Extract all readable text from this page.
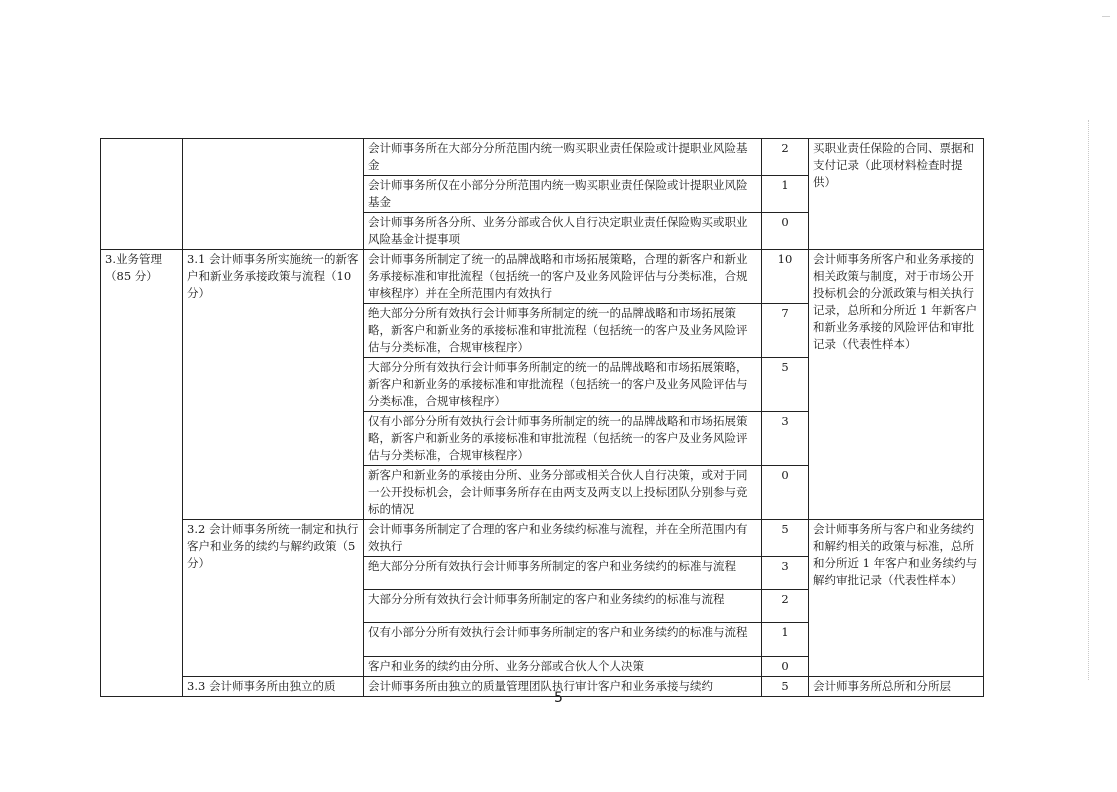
		会计师事务所在大部分分所范围内统一购买职业责任保险或计提职业风险基金	2	买职业责任保险的合同、票据和支付记录（此项材料检查时提供）
		会计师事务所仅在小部分分所范围内统一购买职业责任保险或计提职业风险基金	1	
		会计师事务所各分所、业务分部或合伙人自行决定职业责任保险购买或职业风险基金计提事项	0	
3.业务管理（85 分）	3.1 会计师事务所实施统一的新客户和新业务承接政策与流程（10 分）	会计师事务所制定了统一的品牌战略和市场拓展策略，合理的新客户和新业务承接标准和审批流程（包括统一的客户及业务风险评估与分类标准，合规审核程序）并在全所范围内有效执行	10	会计师事务所客户和业务承接的相关政策与制度，对于市场公开投标机会的分派政策与相关执行记录，总所和分所近 1 年新客户和新业务承接的风险评估和审批记录（代表性样本）
		绝大部分分所有效执行会计师事务所制定的统一的品牌战略和市场拓展策略，新客户和新业务的承接标准和审批流程（包括统一的客户及业务风险评估与分类标准，合规审核程序）	7	
		大部分分所有效执行会计师事务所制定的统一的品牌战略和市场拓展策略，新客户和新业务的承接标准和审批流程（包括统一的客户及业务风险评估与分类标准，合规审核程序）	5	
		仅有小部分分所有效执行会计师事务所制定的统一的品牌战略和市场拓展策略，新客户和新业务的承接标准和审批流程（包括统一的客户及业务风险评估与分类标准，合规审核程序）	3	
		新客户和新业务的承接由分所、业务分部或相关合伙人自行决策，或对于同一公开投标机会，会计师事务所存在由两支及两支以上投标团队分别参与竞标的情况	0	
	3.2 会计师事务所统一制定和执行客户和业务的续约与解约政策（5 分）	会计师事务所制定了合理的客户和业务续约标准与流程，并在全所范围内有效执行	5	会计师事务所与客户和业务续约和解约相关的政策与标准，总所和分所近 1 年客户和业务续约与解约审批记录（代表性样本）
		绝大部分分所有效执行会计师事务所制定的客户和业务续约的标准与流程	3	
		大部分分所有效执行会计师事务所制定的客户和业务续约的标准与流程	2	
		仅有小部分分所有效执行会计师事务所制定的客户和业务续约的标准与流程	1	
		客户和业务的续约由分所、业务分部或合伙人个人决策	0	
	3.3 会计师事务所由独立的质	会计师事务所由独立的质量管理团队执行审计客户和业务承接与续约	5	会计师事务所总所和分所层
5
